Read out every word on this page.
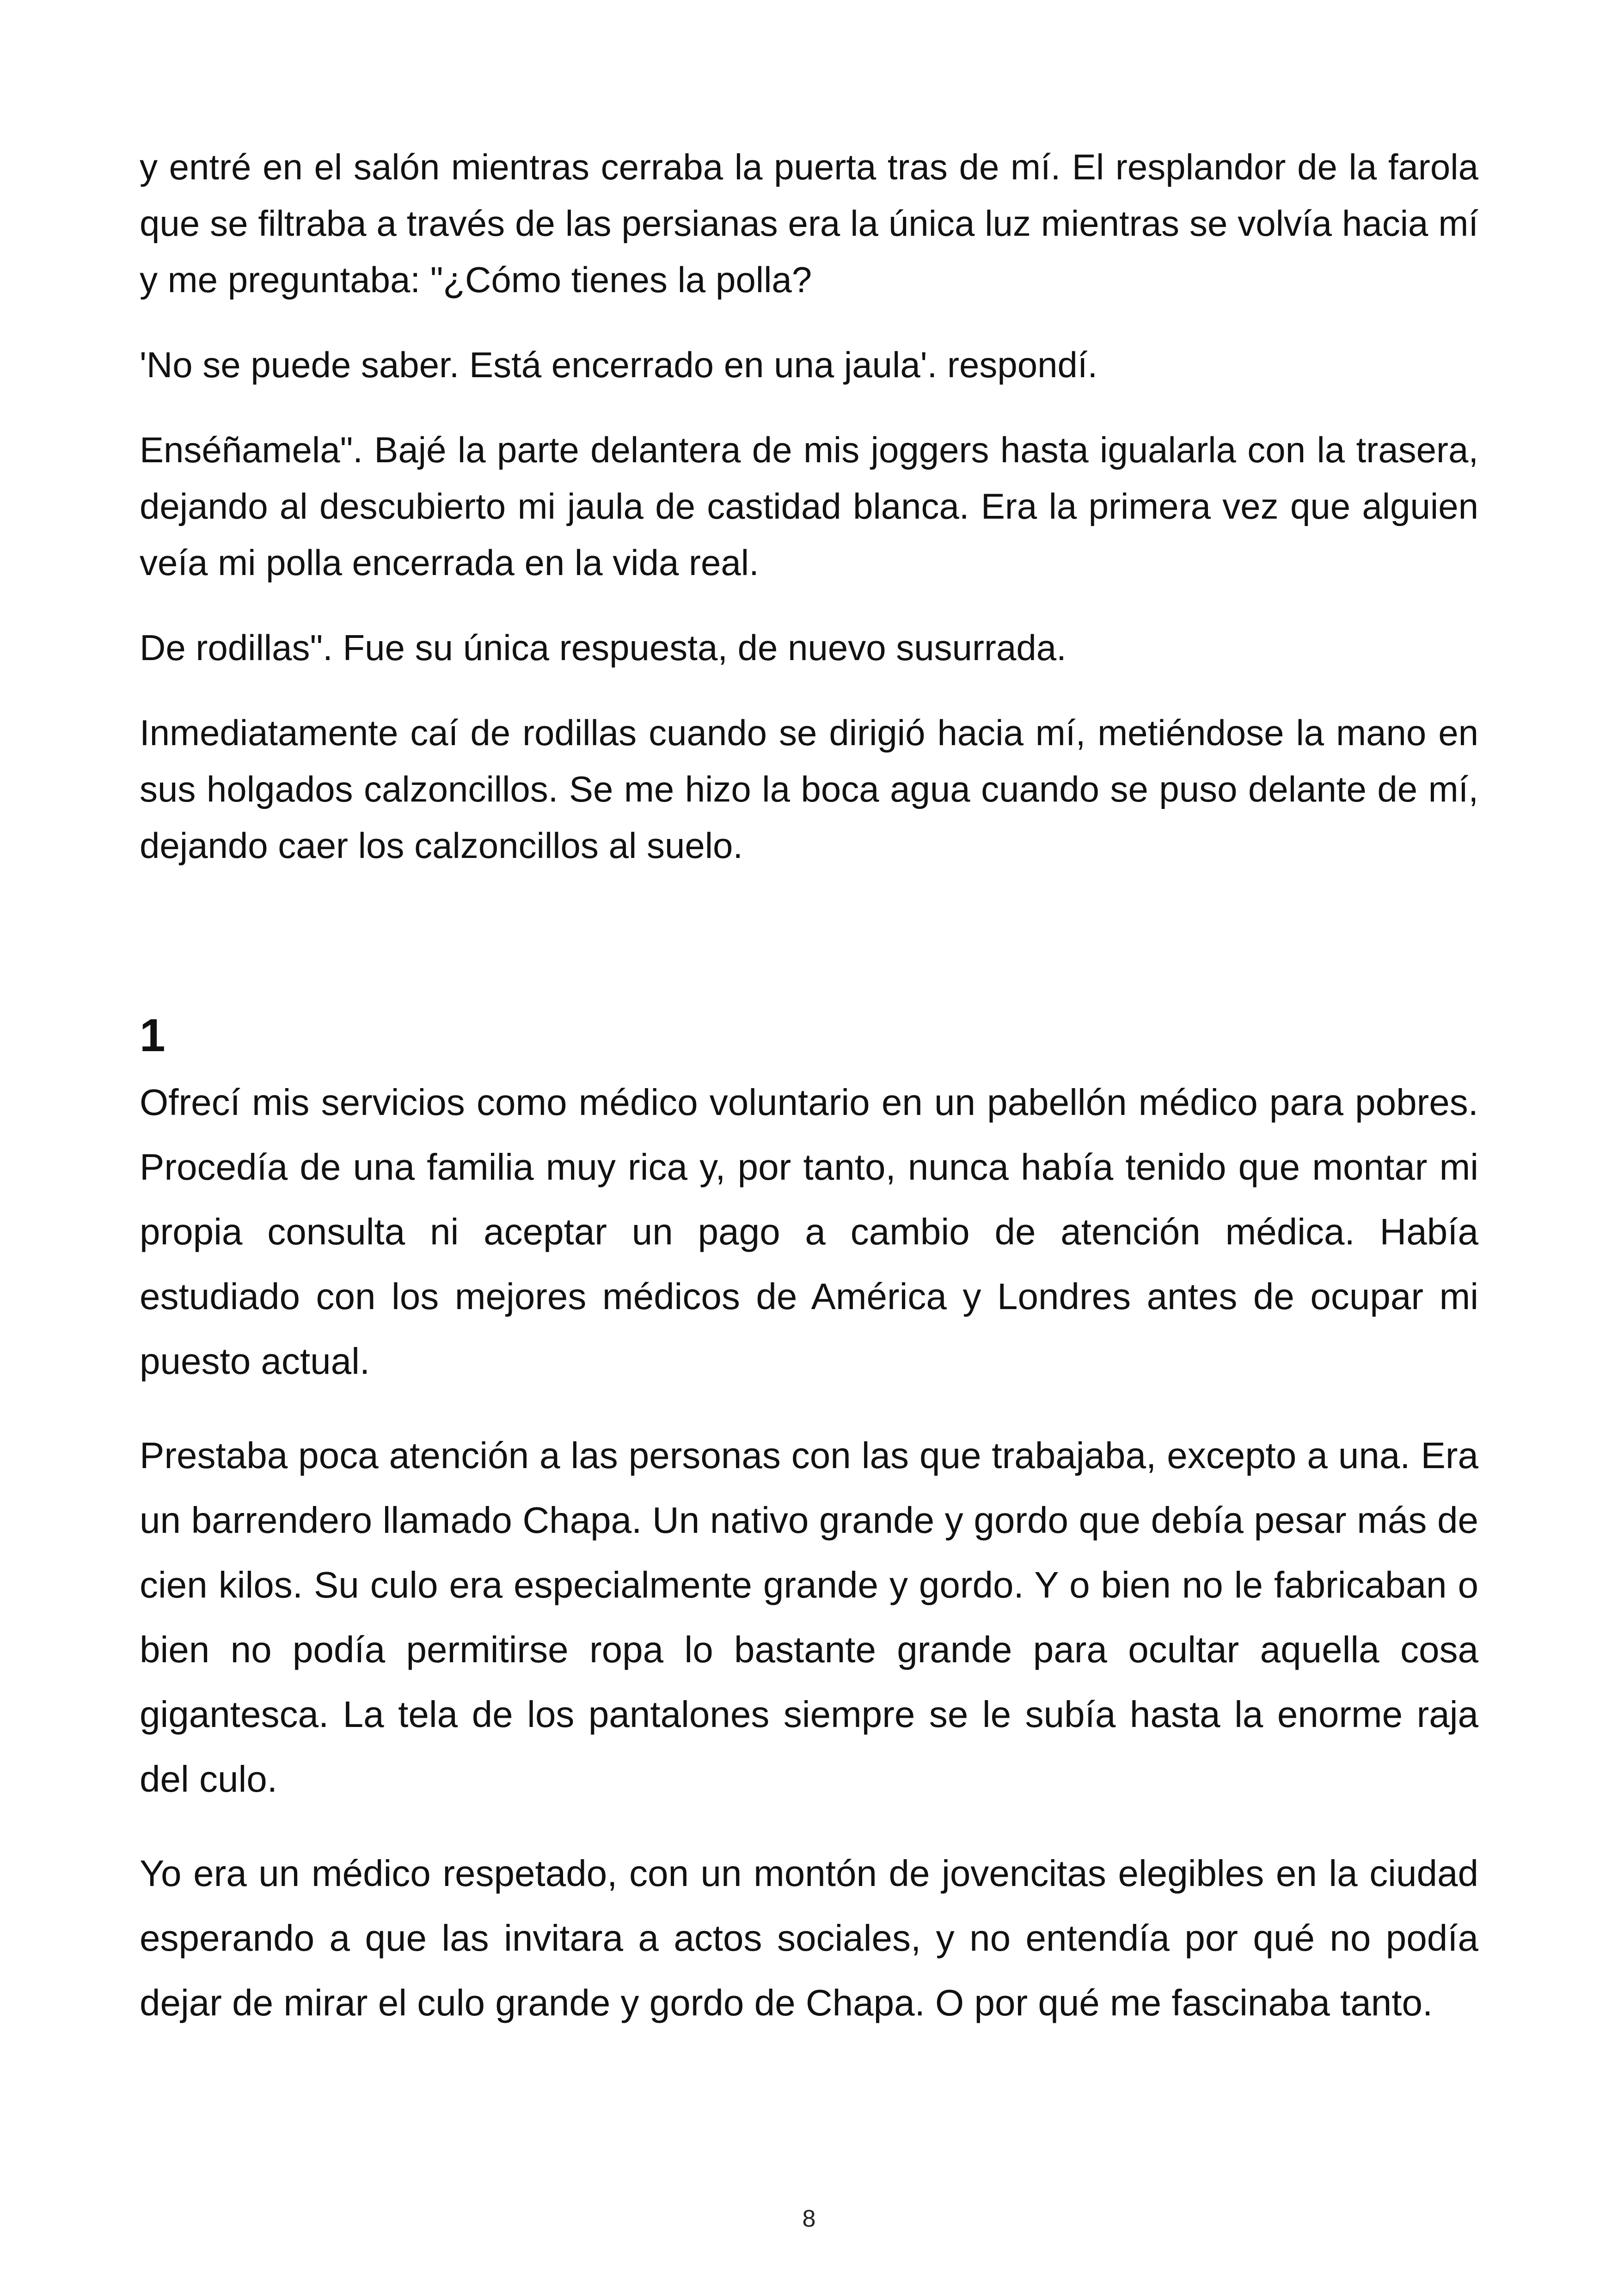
y entré en el salón mientras cerraba la puerta tras de mí. El resplandor de la farola que se filtraba a través de las persianas era la única luz mientras se volvía hacia mí y me preguntaba: "¿Cómo tienes la polla?

'No se puede saber. Está encerrado en una jaula'. respondí.

Enséñamela". Bajé la parte delantera de mis joggers hasta igualarla con la trasera, dejando al descubierto mi jaula de castidad blanca. Era la primera vez que alguien veía mi polla encerrada en la vida real.

De rodillas". Fue su única respuesta, de nuevo susurrada.

Inmediatamente caí de rodillas cuando se dirigió hacia mí, metiéndose la mano en sus holgados calzoncillos. Se me hizo la boca agua cuando se puso delante de mí, dejando caer los calzoncillos al suelo.

1

Ofrecí mis servicios como médico voluntario en un pabellón médico para pobres. Procedía de una familia muy rica y, por tanto, nunca había tenido que montar mi propia consulta ni aceptar un pago a cambio de atención médica. Había estudiado con los mejores médicos de América y Londres antes de ocupar mi puesto actual.

Prestaba poca atención a las personas con las que trabajaba, excepto a una. Era un barrendero llamado Chapa. Un nativo grande y gordo que debía pesar más de cien kilos. Su culo era especialmente grande y gordo. Y o bien no le fabricaban o bien no podía permitirse ropa lo bastante grande para ocultar aquella cosa gigantesca. La tela de los pantalones siempre se le subía hasta la enorme raja del culo.

Yo era un médico respetado, con un montón de jovencitas elegibles en la ciudad esperando a que las invitara a actos sociales, y no entendía por qué no podía dejar de mirar el culo grande y gordo de Chapa. O por qué me fascinaba tanto.

8
